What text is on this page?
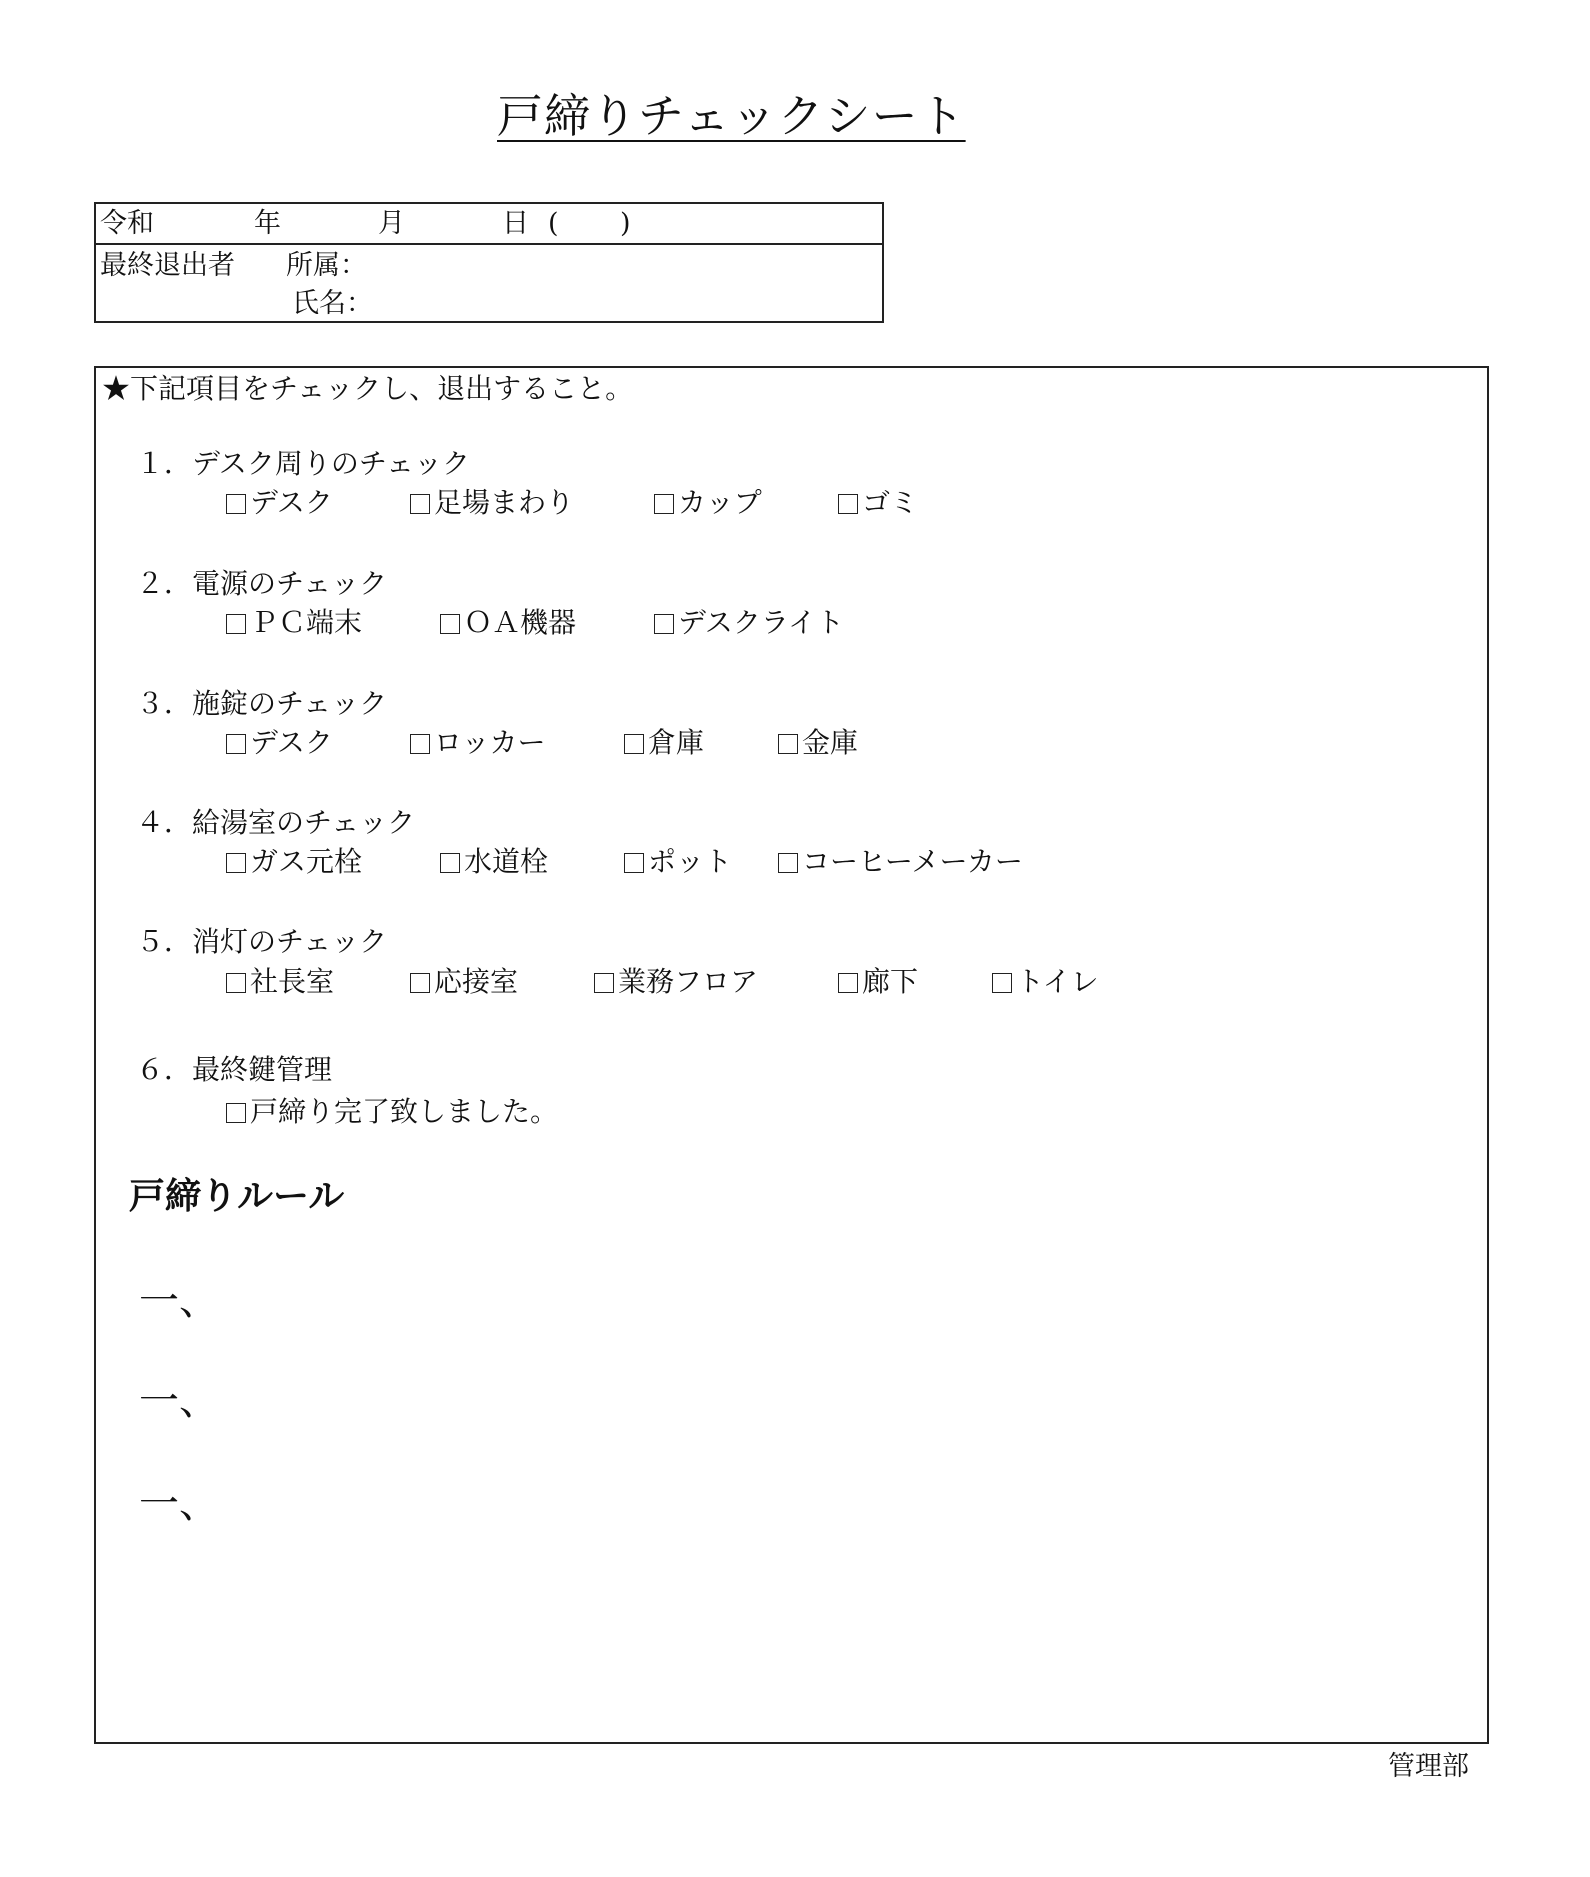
戸締りチェックシート
令和	年	月	日 ( )
最終退出者 所属：
氏名：
★下記項目をチェックし、退出すること。
１．デスク周りのチェック
デスク	足場まわり	カップ	ゴミ
２．電源のチェック
ＰＣ端末	ＯＡ機器	デスクライト
３．施錠のチェック
デスク	ロッカー	倉庫	金庫
４．給湯室のチェック
ガス元栓	水道栓	ポット	コーヒーメーカー
５．消灯のチェック
社長室	応接室	業務フロア	廊下	トイレ
６．最終鍵管理
戸締り完了致しました。
戸締りルール
一、
一、
一、
管理部
